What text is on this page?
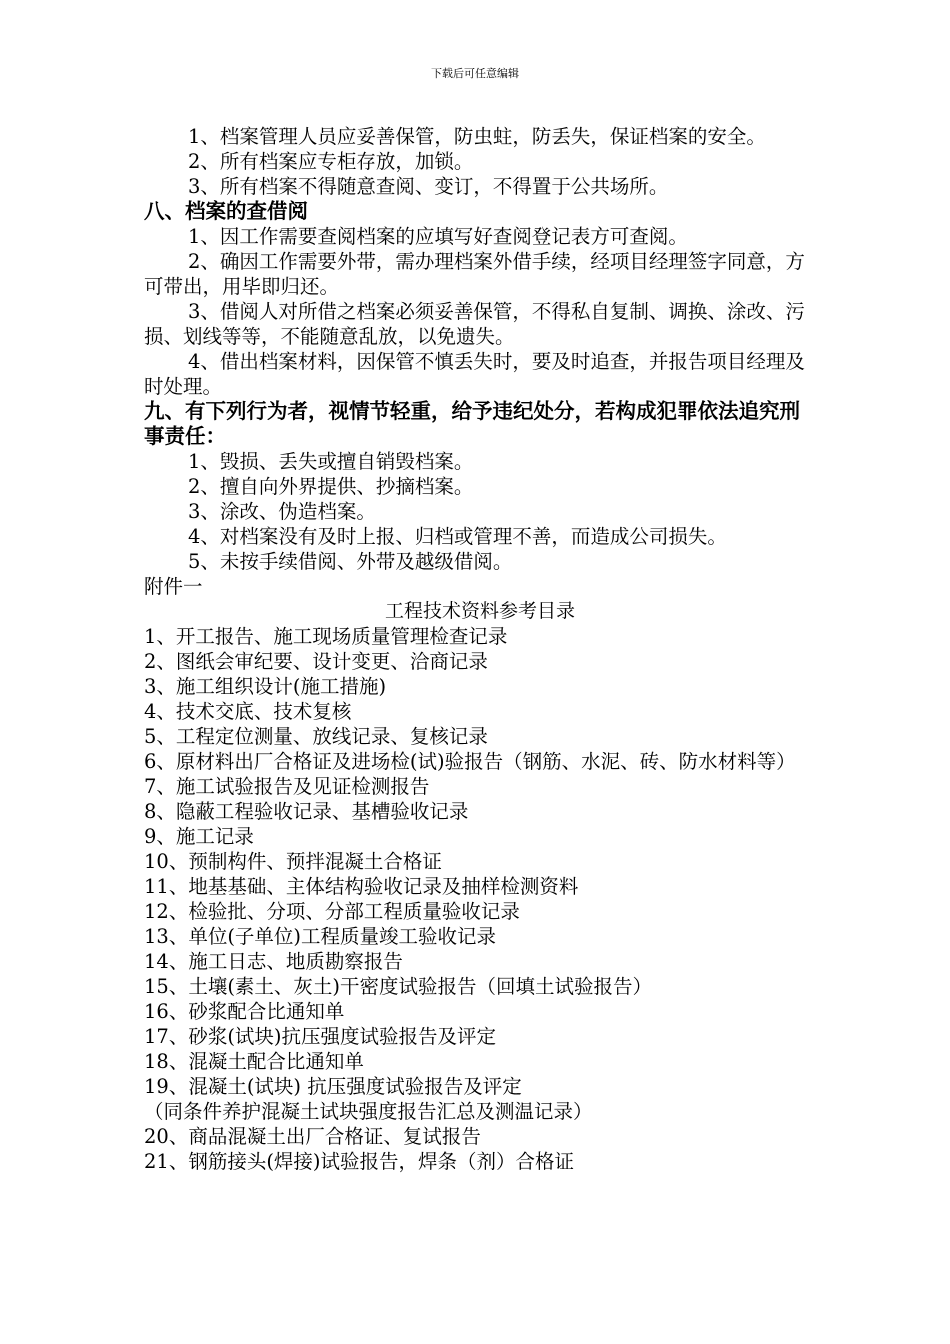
下载后可任意编辑

1、档案管理人员应妥善保管，防虫蛀，防丢失，保证档案的安全。

2、所有档案应专柜存放，加锁。

3、所有档案不得随意查阅、变订，不得置于公共场所。

八、档案的查借阅

1、因工作需要查阅档案的应填写好查阅登记表方可查阅。

2、确因工作需要外带，需办理档案外借手续，经项目经理签字同意，方可带出，用毕即归还。

3、借阅人对所借之档案必须妥善保管，不得私自复制、调换、涂改、污损、划线等等，不能随意乱放，以免遗失。

4、借出档案材料，因保管不慎丢失时，要及时追查，并报告项目经理及时处理。

九、有下列行为者，视情节轻重，给予违纪处分，若构成犯罪依法追究刑事责任：

1、毁损、丢失或擅自销毁档案。

2、擅自向外界提供、抄摘档案。

3、涂改、伪造档案。

4、对档案没有及时上报、归档或管理不善，而造成公司损失。

5、未按手续借阅、外带及越级借阅。

附件一

工程技术资料参考目录

1、开工报告、施工现场质量管理检查记录

2、图纸会审纪要、设计变更、洽商记录

3、施工组织设计(施工措施)

4、技术交底、技术复核

5、工程定位测量、放线记录、复核记录

6、原材料出厂合格证及进场检(试)验报告（钢筋、水泥、砖、防水材料等）

7、施工试验报告及见证检测报告

8、隐蔽工程验收记录、基槽验收记录

9、施工记录

10、预制构件、预拌混凝土合格证

11、地基基础、主体结构验收记录及抽样检测资料

12、检验批、分项、分部工程质量验收记录

13、单位(子单位)工程质量竣工验收记录

14、施工日志、地质勘察报告

15、土壤(素土、灰土)干密度试验报告（回填土试验报告）

16、砂浆配合比通知单

17、砂浆(试块)抗压强度试验报告及评定

18、混凝土配合比通知单

19、混凝土(试块) 抗压强度试验报告及评定

（同条件养护混凝土试块强度报告汇总及测温记录）

20、商品混凝土出厂合格证、复试报告

21、钢筋接头(焊接)试验报告，焊条（剂）合格证
